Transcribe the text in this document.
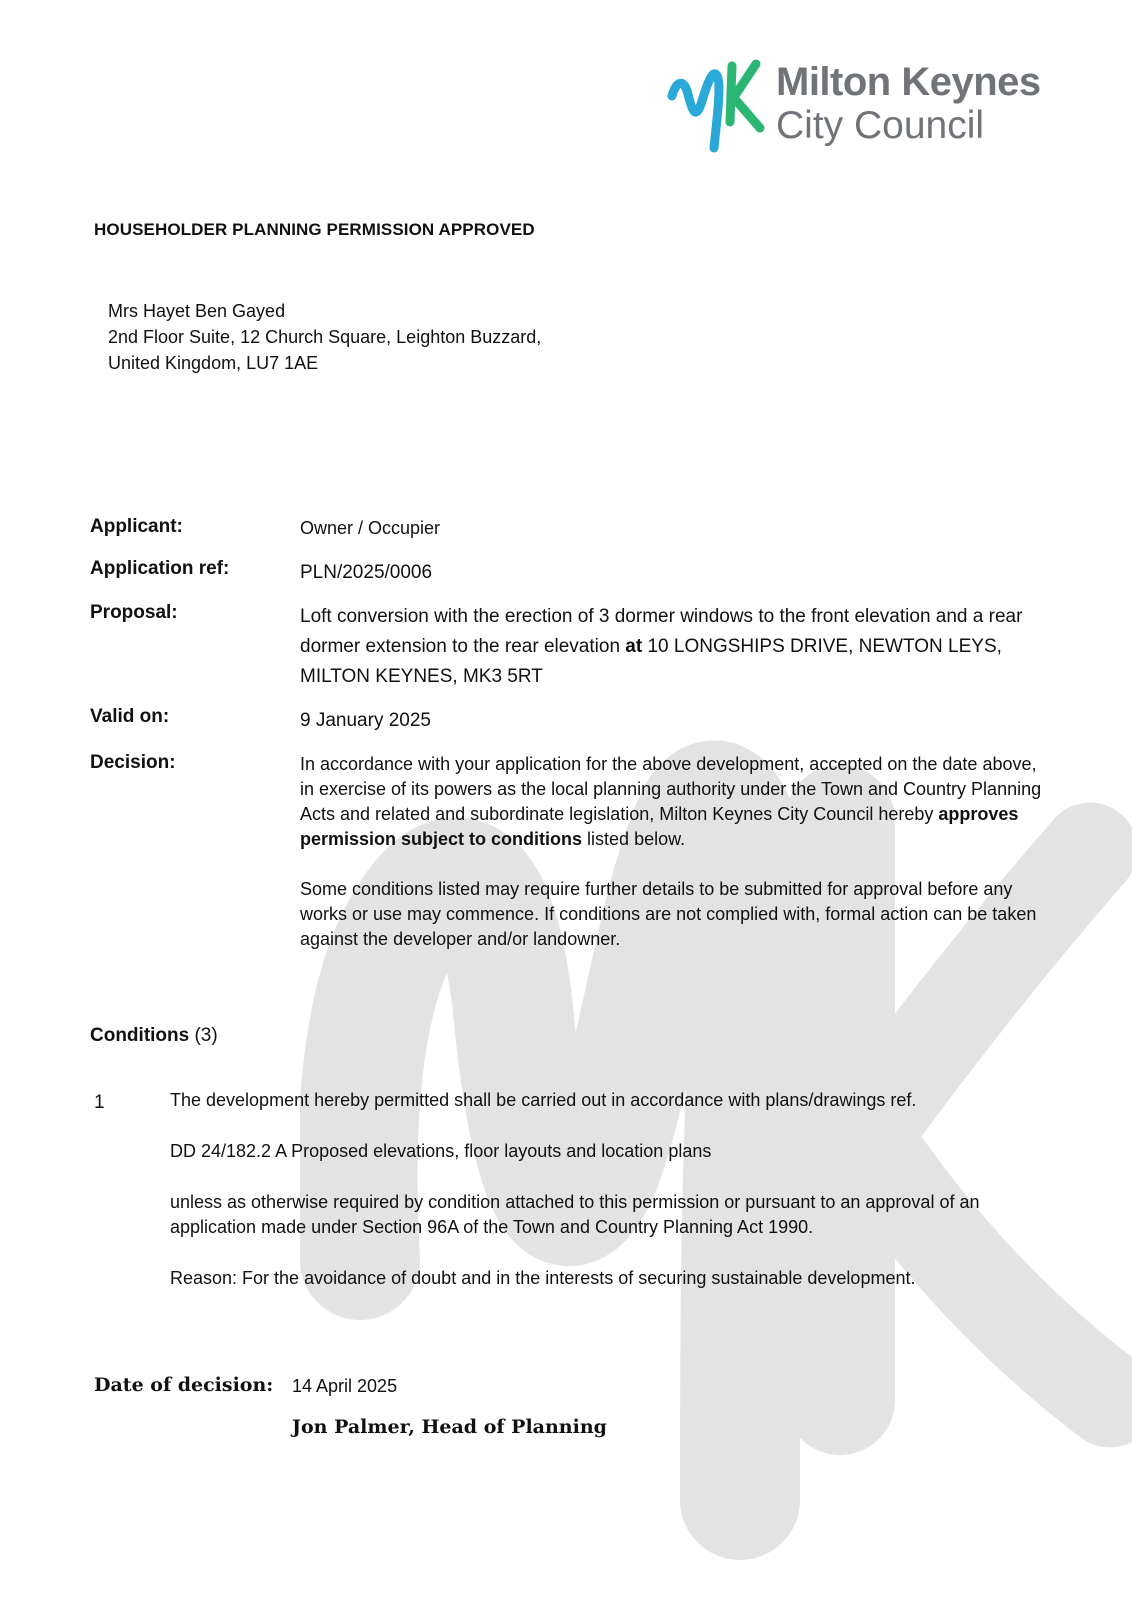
Milton Keynes
City Council
HOUSEHOLDER PLANNING PERMISSION APPROVED
Mrs Hayet Ben Gayed
2nd Floor Suite, 12 Church Square, Leighton Buzzard,
United Kingdom, LU7 1AE
Applicant:	Owner / Occupier
Application ref:	PLN/2025/0006
Proposal:	Loft conversion with the erection of 3 dormer windows to the front elevation and a rear dormer extension to the rear elevation at 10 LONGSHIPS DRIVE, NEWTON LEYS, MILTON KEYNES, MK3 5RT
Valid on:	9 January 2025
Decision:	In accordance with your application for the above development, accepted on the date above, in exercise of its powers as the local planning authority under the Town and Country Planning Acts and related and subordinate legislation, Milton Keynes City Council hereby approves permission subject to conditions listed below.

Some conditions listed may require further details to be submitted for approval before any works or use may commence. If conditions are not complied with, formal action can be taken against the developer and/or landowner.

Conditions (3)
1	The development hereby permitted shall be carried out in accordance with plans/drawings ref.

DD 24/182.2 A Proposed elevations, floor layouts and location plans

unless as otherwise required by condition attached to this permission or pursuant to an approval of an application made under Section 96A of the Town and Country Planning Act 1990.

Reason: For the avoidance of doubt and in the interests of securing sustainable development.

Date of decision: 14 April 2025
Jon Palmer, Head of Planning
